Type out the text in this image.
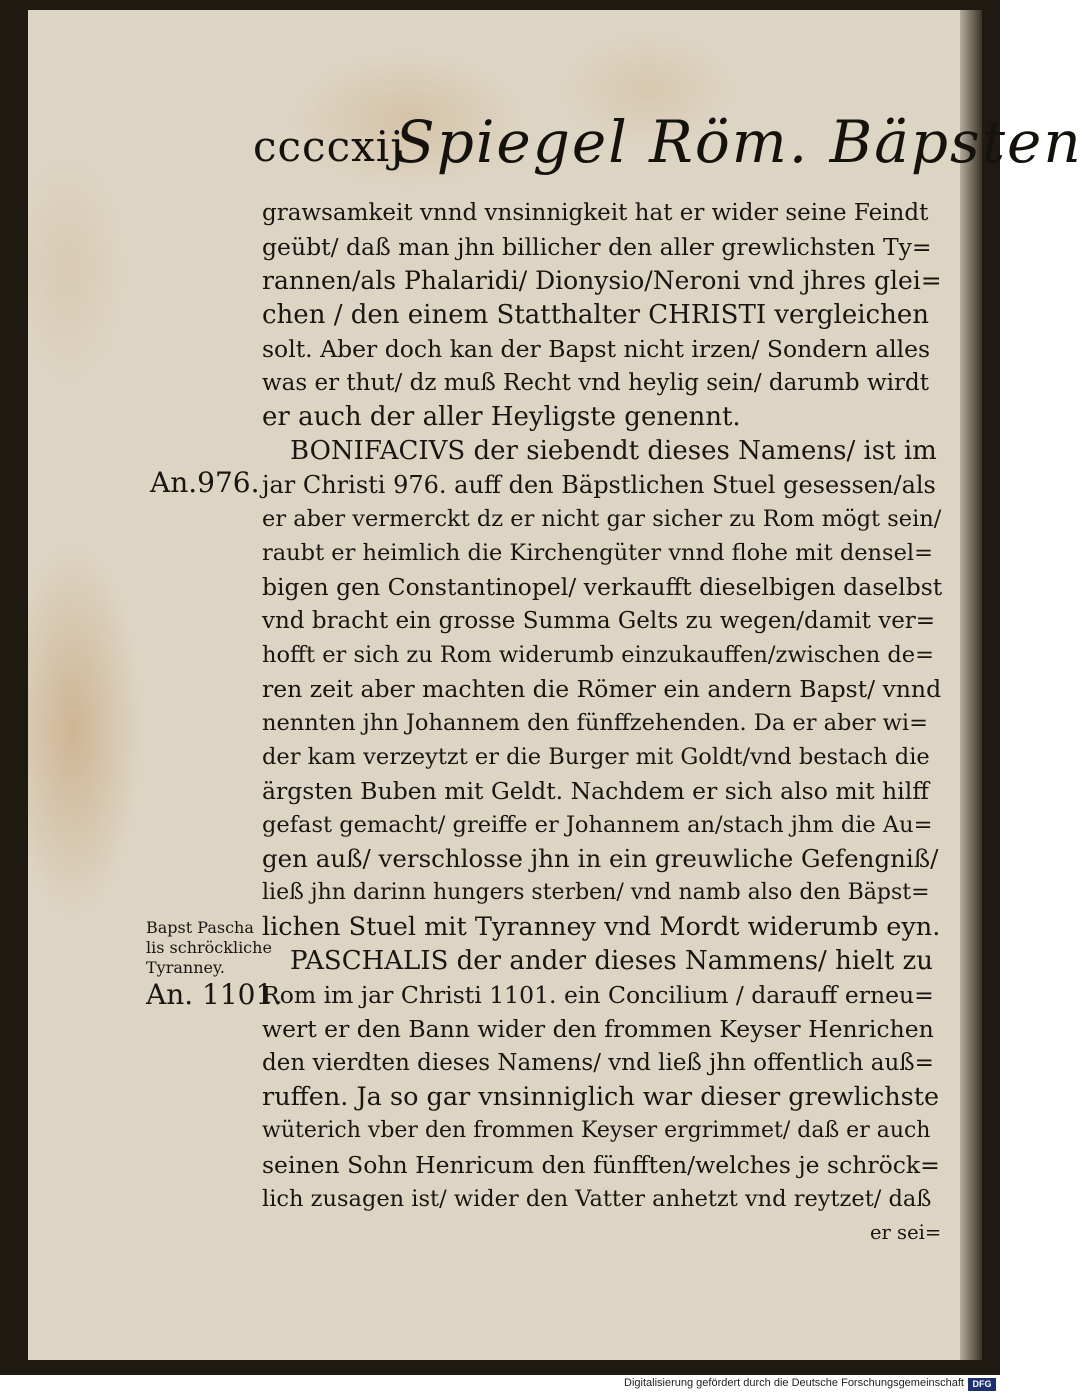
ccccxij
Spiegel Röm. Bäpsten
grawsamkeit vnnd vnsinnigkeit hat er wider seine Feindt
geübt/ daß man jhn billicher den aller grewlichsten Ty=
rannen/als Phalaridi/ Dionysio/Neroni vnd jhres glei=
chen / den einem Statthalter CHRISTI vergleichen
solt. Aber doch kan der Bapst nicht irzen/ Sondern alles
was er thut/ dz muß Recht vnd heylig sein/ darumb wirdt
er auch der aller Heyligste genennt.
BONIFACIVS der siebendt dieses Namens/ ist im
jar Christi 976. auff den Bäpstlichen Stuel gesessen/als
er aber vermerckt dz er nicht gar sicher zu Rom mögt sein/
raubt er heimlich die Kirchengüter vnnd flohe mit densel=
bigen gen Constantinopel/ verkaufft dieselbigen daselbst
vnd bracht ein grosse Summa Gelts zu wegen/damit ver=
hofft er sich zu Rom widerumb einzukauffen/zwischen de=
ren zeit aber machten die Römer ein andern Bapst/ vnnd
nennten jhn Johannem den fünffzehenden. Da er aber wi=
der kam verzeytzt er die Burger mit Goldt/vnd bestach die
ärgsten Buben mit Geldt. Nachdem er sich also mit hilff
gefast gemacht/ greiffe er Johannem an/stach jhm die Au=
gen auß/ verschlosse jhn in ein greuwliche Gefengniß/
ließ jhn darinn hungers sterben/ vnd namb also den Bäpst=
lichen Stuel mit Tyranney vnd Mordt widerumb eyn.
PASCHALIS der ander dieses Nammens/ hielt zu
Rom im jar Christi 1101. ein Concilium / darauff erneu=
wert er den Bann wider den frommen Keyser Henrichen
den vierdten dieses Namens/ vnd ließ jhn offentlich auß=
ruffen. Ja so gar vnsinniglich war dieser grewlichste
wüterich vber den frommen Keyser ergrimmet/ daß er auch
seinen Sohn Henricum den fünfften/welches je schröck=
lich zusagen ist/ wider den Vatter anhetzt vnd reytzet/ daß
er sei=
An.976.
Bapst Pascha
lis schröckliche
Tyranney.
An. 1101.
Digitalisierung gefördert durch die Deutsche Forschungsgemeinschaft DFG
